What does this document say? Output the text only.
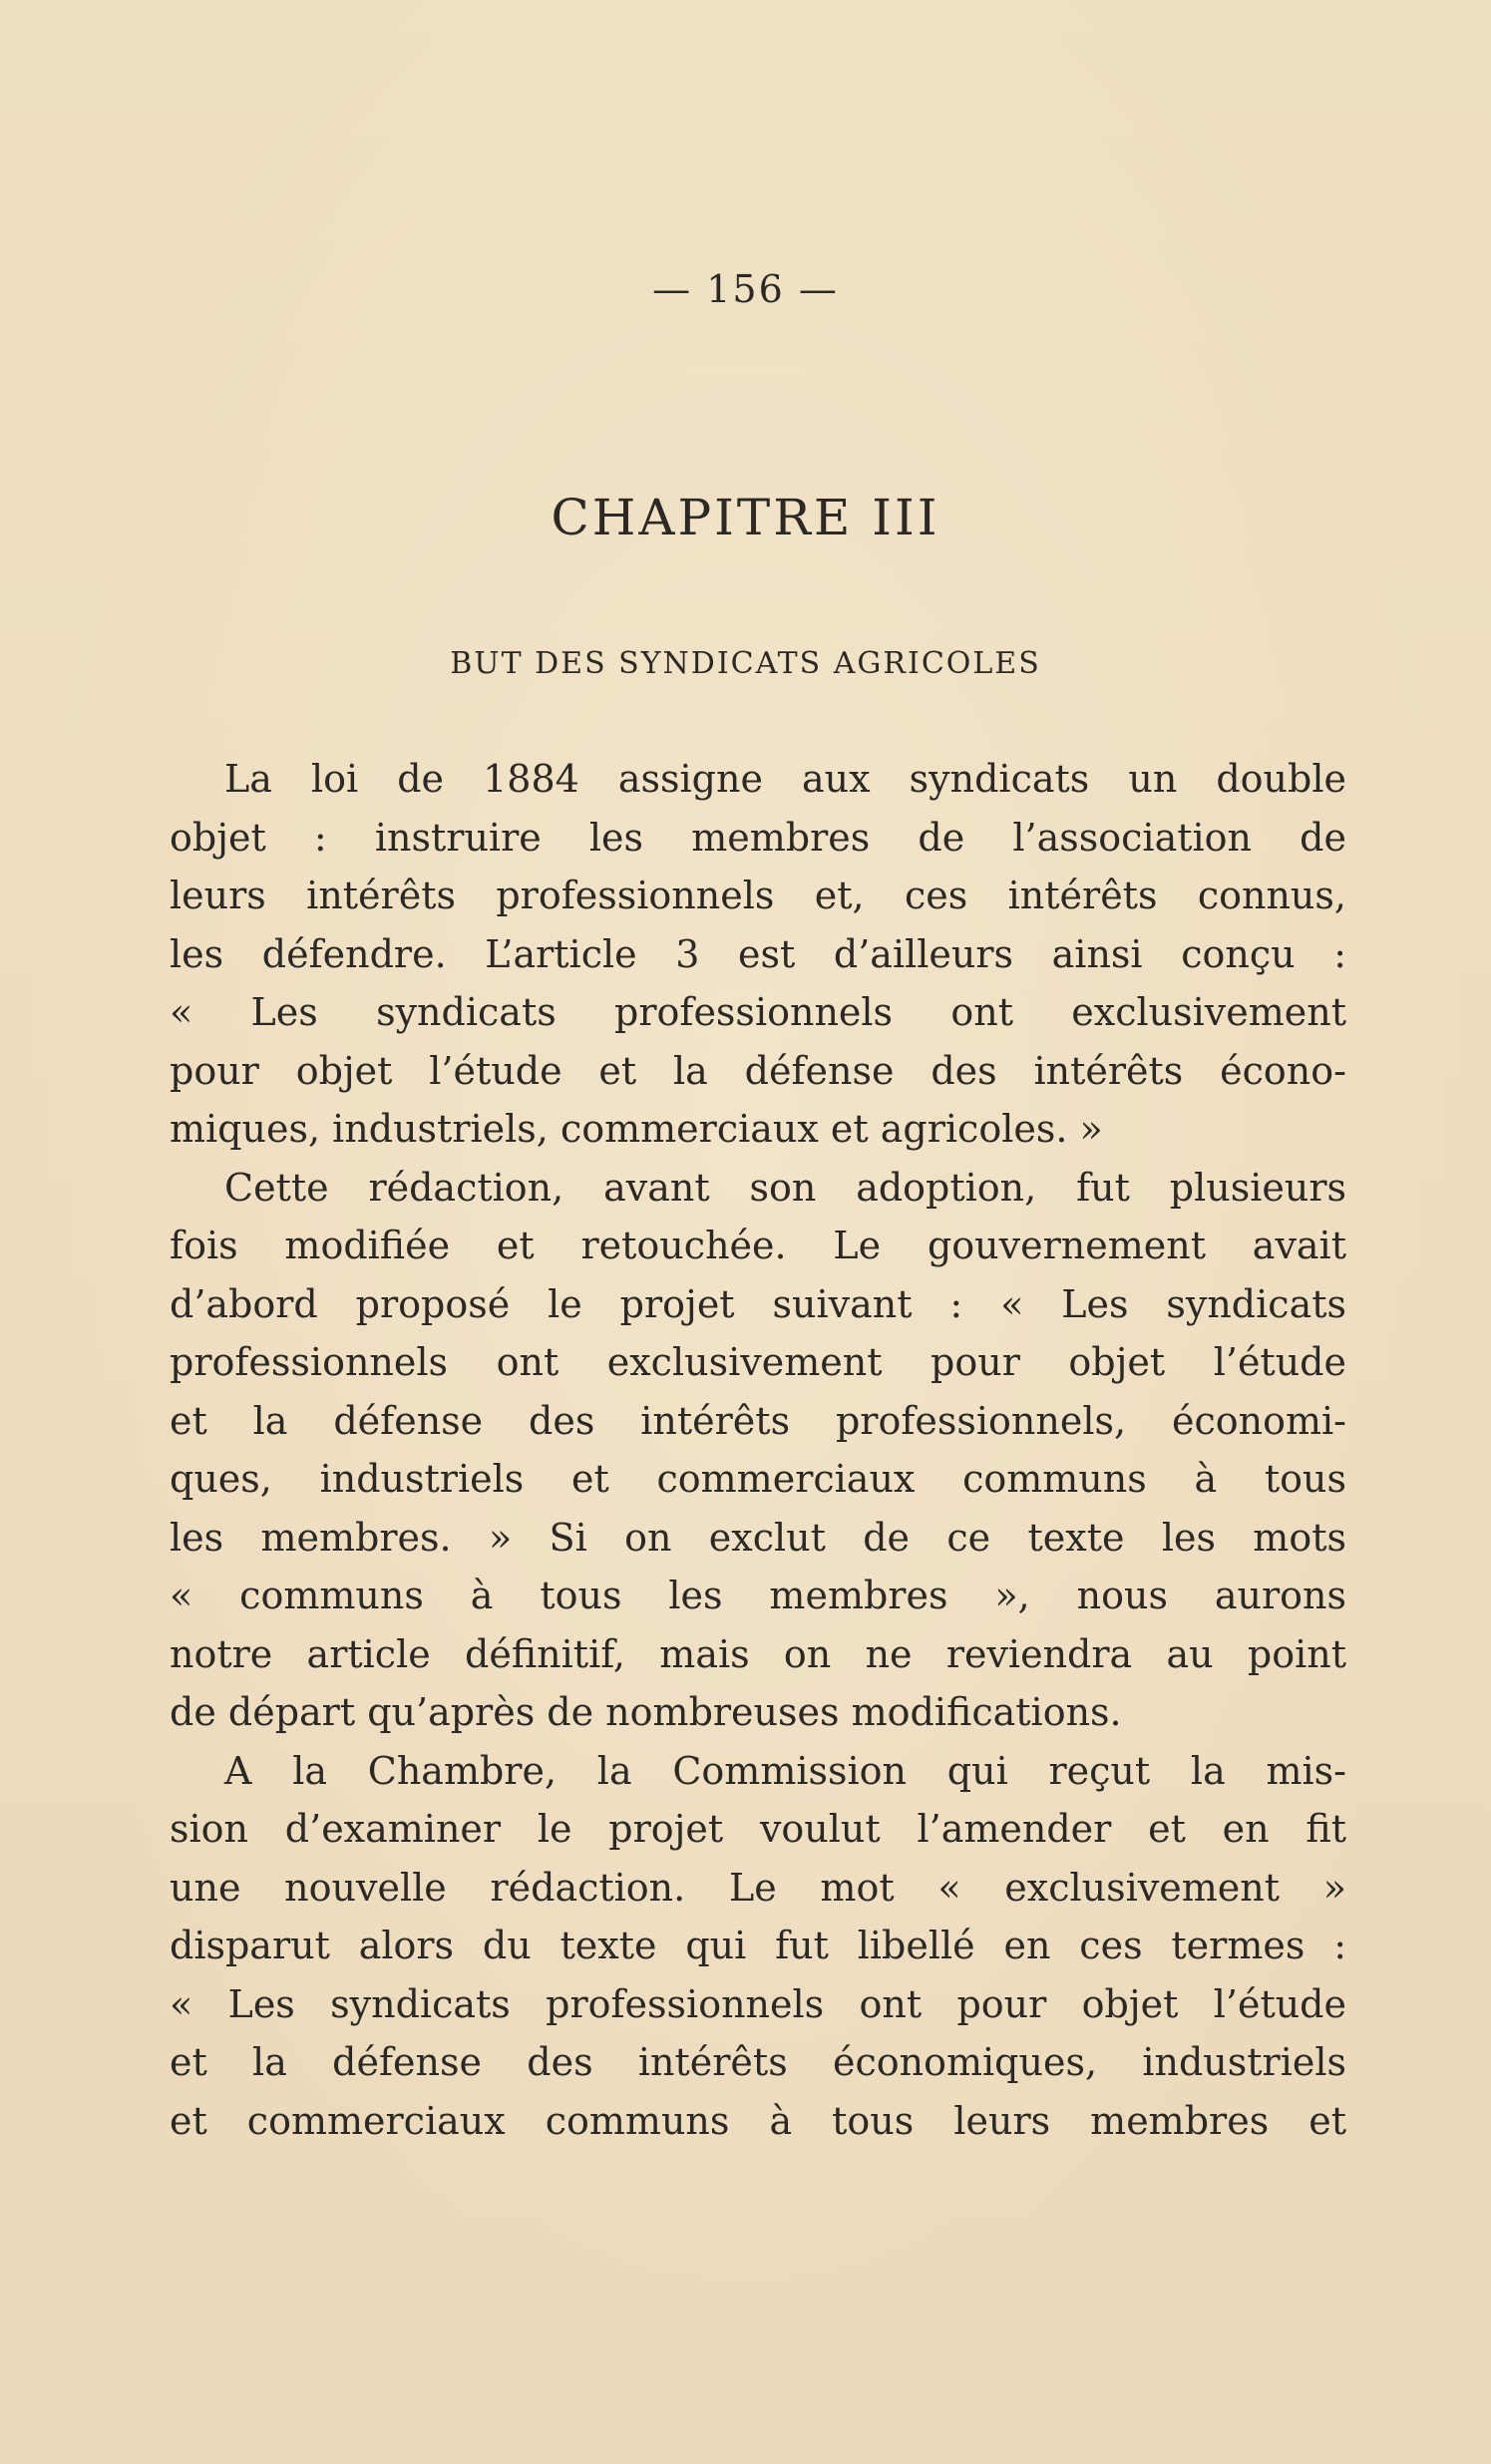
— 156 —
CHAPITRE III
BUT DES SYNDICATS AGRICOLES
La loi de 1884 assigne aux syndicats un double
objet : instruire les membres de l’association de
leurs intérêts professionnels et, ces intérêts connus,
les défendre. L’article 3 est d’ailleurs ainsi conçu :
« Les syndicats professionnels ont exclusivement
pour objet l’étude et la défense des intérêts écono-
miques, industriels, commerciaux et agricoles. »
Cette rédaction, avant son adoption, fut plusieurs
fois modifiée et retouchée. Le gouvernement avait
d’abord proposé le projet suivant : « Les syndicats
professionnels ont exclusivement pour objet l’étude
et la défense des intérêts professionnels, économi-
ques, industriels et commerciaux communs à tous
les membres. » Si on exclut de ce texte les mots
« communs à tous les membres », nous aurons
notre article définitif, mais on ne reviendra au point
de départ qu’après de nombreuses modifications.
A la Chambre, la Commission qui reçut la mis-
sion d’examiner le projet voulut l’amender et en fit
une nouvelle rédaction. Le mot « exclusivement »
disparut alors du texte qui fut libellé en ces termes :
« Les syndicats professionnels ont pour objet l’étude
et la défense des intérêts économiques, industriels
et commerciaux communs à tous leurs membres et
